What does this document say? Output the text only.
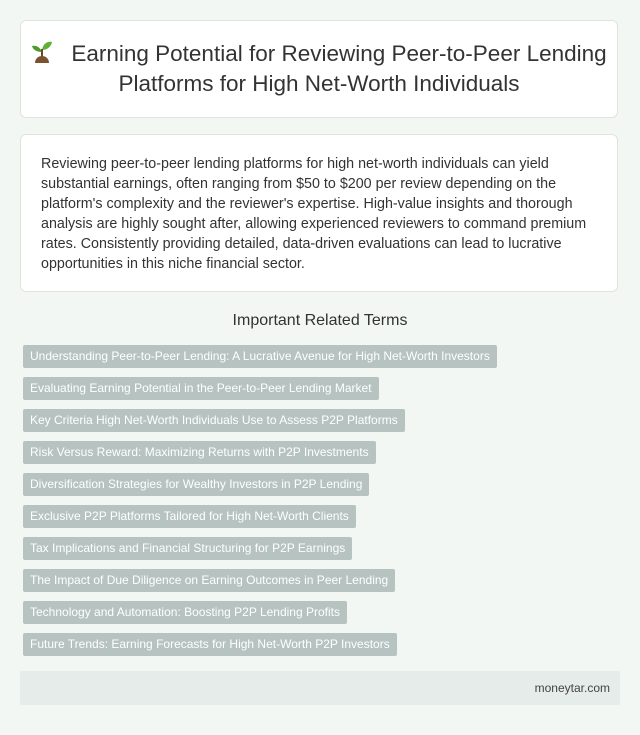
Earning Potential for Reviewing Peer-to-Peer Lending Platforms for High Net-Worth Individuals

Reviewing peer-to-peer lending platforms for high net-worth individuals can yield substantial earnings, often ranging from $50 to $200 per review depending on the platform's complexity and the reviewer's expertise. High-value insights and thorough analysis are highly sought after, allowing experienced reviewers to command premium rates. Consistently providing detailed, data-driven evaluations can lead to lucrative opportunities in this niche financial sector.

Important Related Terms
Understanding Peer-to-Peer Lending: A Lucrative Avenue for High Net-Worth Investors
Evaluating Earning Potential in the Peer-to-Peer Lending Market
Key Criteria High Net-Worth Individuals Use to Assess P2P Platforms
Risk Versus Reward: Maximizing Returns with P2P Investments
Diversification Strategies for Wealthy Investors in P2P Lending
Exclusive P2P Platforms Tailored for High Net-Worth Clients
Tax Implications and Financial Structuring for P2P Earnings
The Impact of Due Diligence on Earning Outcomes in Peer Lending
Technology and Automation: Boosting P2P Lending Profits
Future Trends: Earning Forecasts for High Net-Worth P2P Investors
moneytar.com
